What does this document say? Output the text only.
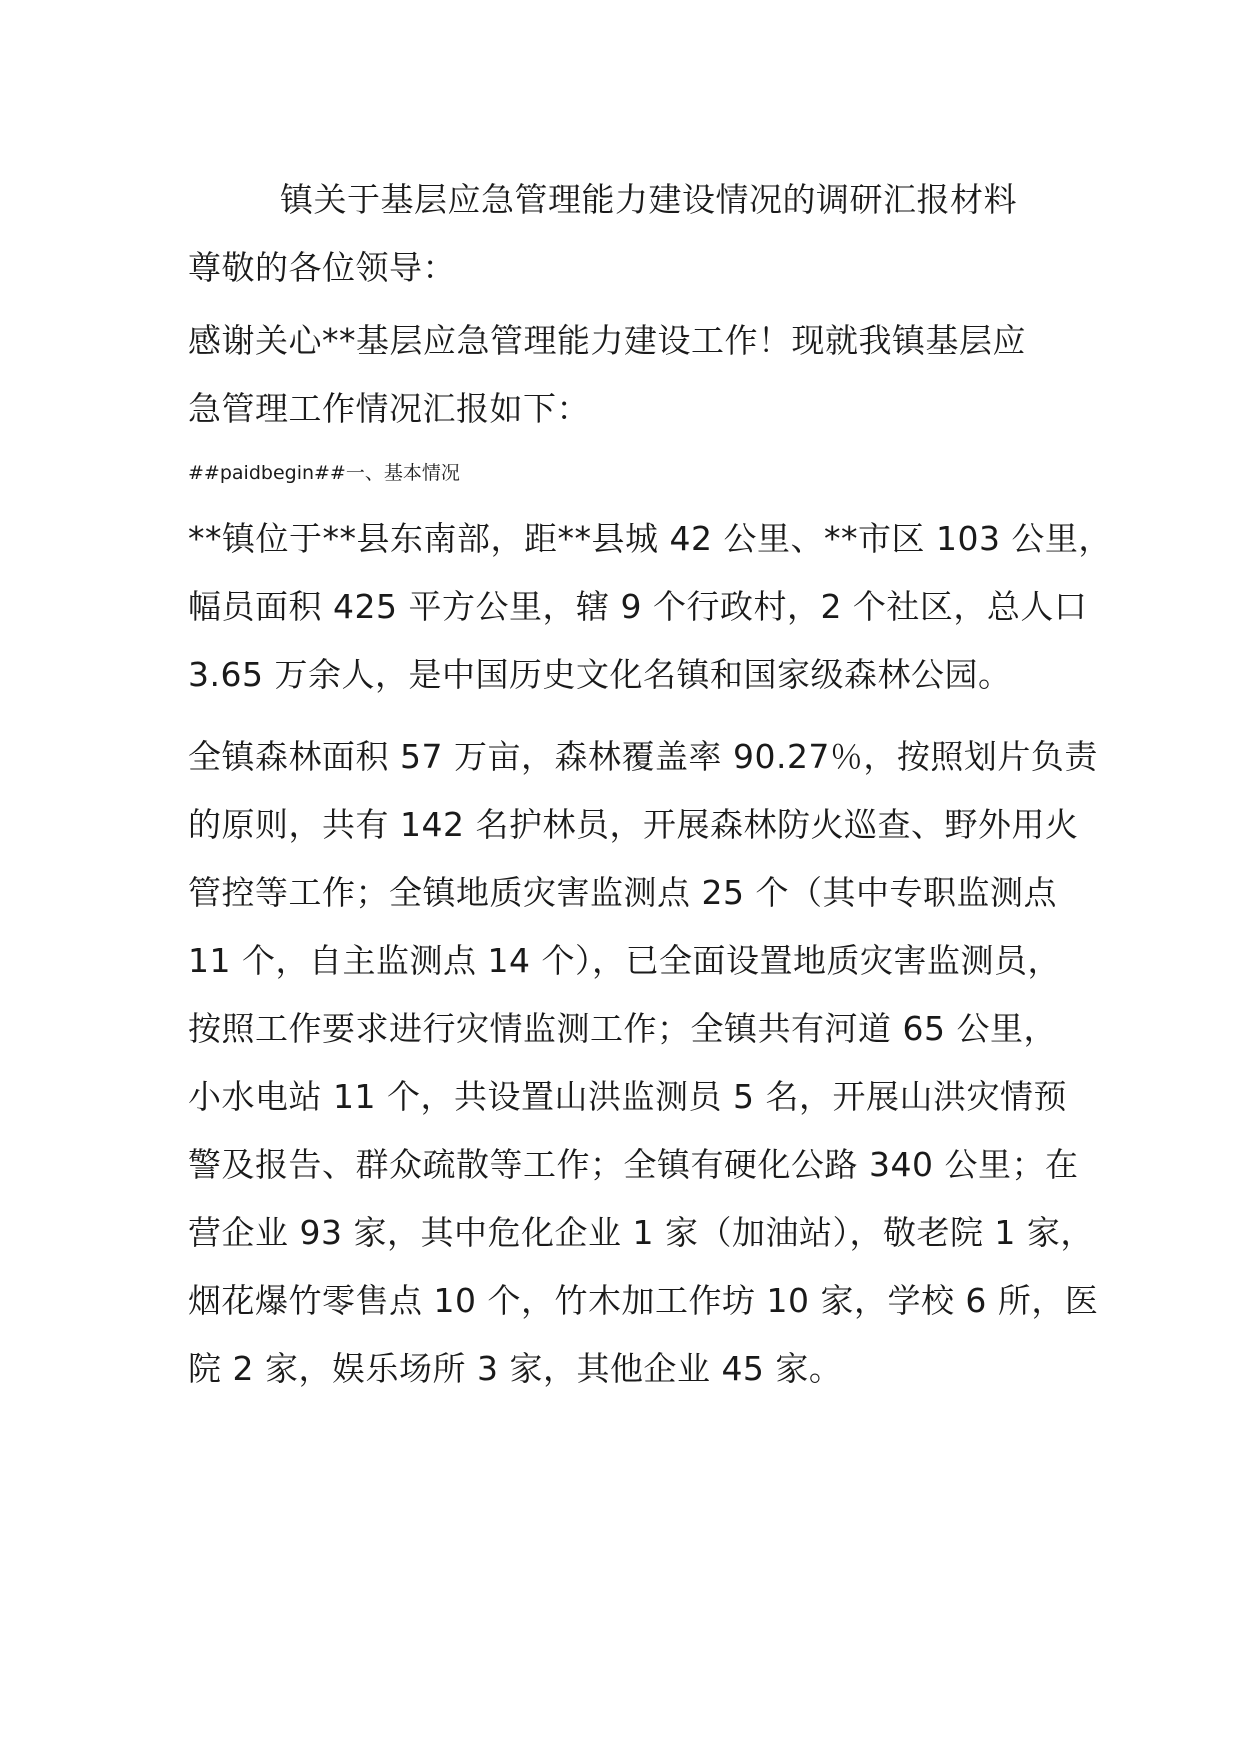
镇关于基层应急管理能力建设情况的调研汇报材料
尊敬的各位领导：
感谢关心**基层应急管理能力建设工作！现就我镇基层应
急管理工作情况汇报如下：
##paidbegin##一、基本情况
**镇位于**县东南部，距**县城 42 公里、**市区 103 公里，
幅员面积 425 平方公里，辖 9 个行政村，2 个社区，总人口
3.65 万余人，是中国历史文化名镇和国家级森林公园。
全镇森林面积 57 万亩，森林覆盖率 90.27％，按照划片负责
的原则，共有 142 名护林员，开展森林防火巡查、野外用火
管控等工作；全镇地质灾害监测点 25 个（其中专职监测点
11 个，自主监测点 14 个），已全面设置地质灾害监测员，
按照工作要求进行灾情监测工作；全镇共有河道 65 公里，
小水电站 11 个，共设置山洪监测员 5 名，开展山洪灾情预
警及报告、群众疏散等工作；全镇有硬化公路 340 公里；在
营企业 93 家，其中危化企业 1 家（加油站），敬老院 1 家，
烟花爆竹零售点 10 个，竹木加工作坊 10 家，学校 6 所，医
院 2 家，娱乐场所 3 家，其他企业 45 家。
